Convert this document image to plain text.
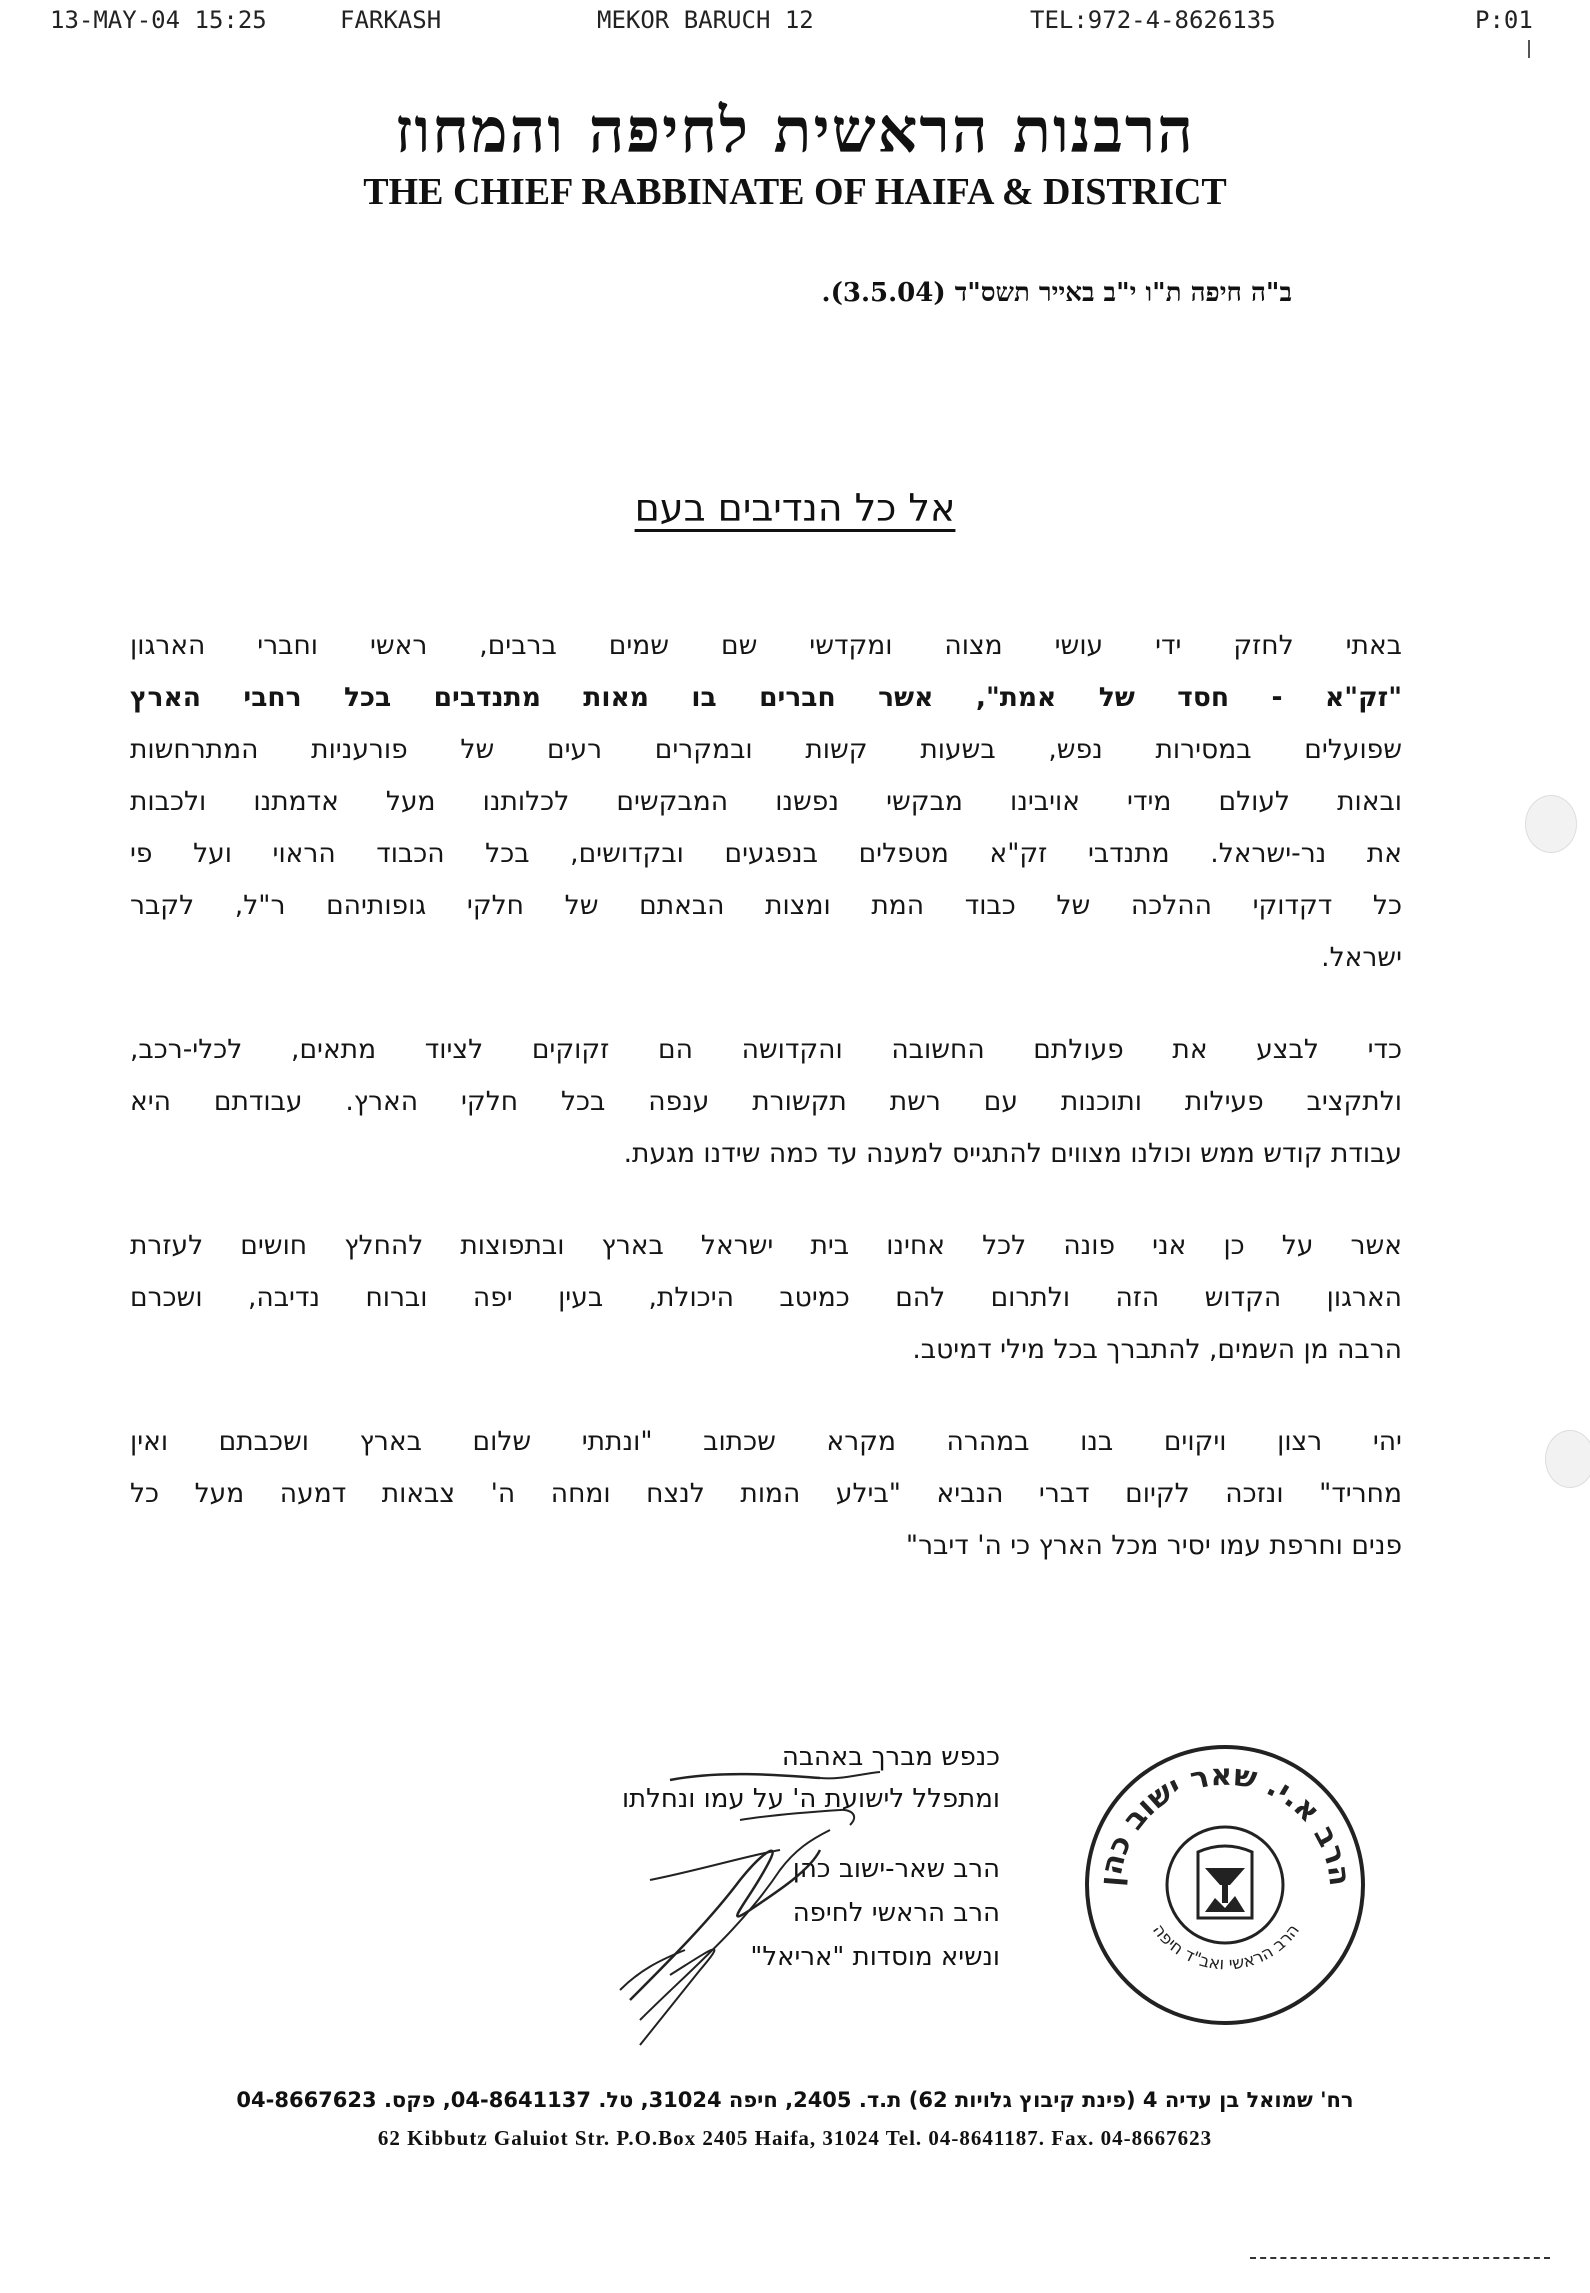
13-MAY-04 15:25	FARKASH	MEKOR BARUCH 12	TEL:972-4-8626135	P:01
הרבנות הראשית לחיפה והמחוז
THE CHIEF RABBINATE OF HAIFA & DISTRICT
ב"ה חיפה ת"ו י"ב באייר תשס"ד (3.5.04).
אל כל הנדיבים בעם
באתי לחזק ידי עושי מצוה ומקדשי שם שמים ברבים, ראשי וחברי הארגון
"זק"א - חסד של אמת", אשר חברים בו מאות מתנדבים בכל רחבי הארץ
שפועלים במסירות נפש, בשעות קשות ובמקרים רעים של פורעניות המתרחשות
ובאות לעולם מידי אויבינו מבקשי נפשנו המבקשים לכלותנו מעל אדמתנו ולכבות
את נר-ישראל. מתנדבי זק"א מטפלים בנפגעים ובקדושים, בכל הכבוד הראוי ועל פי
כל דקדוקי ההלכה של כבוד המת ומצות הבאתם של חלקי גופותיהם ר"ל, לקבר
ישראל.
כדי לבצע את פעולתם החשובה והקדושה הם זקוקים לציוד מתאים, לכלי-רכב,
ולתקציב פעילות ותוכנות עם רשת תקשורת ענפה בכל חלקי הארץ. עבודתם היא
עבודת קודש ממש וכולנו מצווים להתגייס למענה עד כמה שידנו מגעת.
אשר על כן אני פונה לכל אחינו בית ישראל בארץ ובתפוצות להחלץ חושים לעזרת
הארגון הקדוש הזה ולתרום להם כמיטב היכולת, בעין יפה וברוח נדיבה, ושכרם
הרבה מן השמים, להתברך בכל מילי דמיטב.
יהי רצון ויקוים בנו במהרה מקרא שכתוב "ונתתי שלום בארץ ושכבתם ואין
מחריד" ונזכה לקיום דברי הנביא "בילע המות לנצח ומחה ה' צבאות דמעה מעל כל
פנים וחרפת עמו יסיר מכל הארץ כי ה' דיבר"
כנפש מברך באהבה
ומתפלל לישועת ה' על עמו ונחלתו
הרב שאר-ישוב כהן
הרב הראשי לחיפה
ונשיא מוסדות "אריאל"
הרב א.י. שאר ישוב כהן
הרב הראשי ואב"ד חיפה
רח' שמואל בן עדיה 4 (פינת קיבוץ גלויות 62) ת.ד. 2405, חיפה 31024, טל. 04-8641137, פקס. 04-8667623
62 Kibbutz Galuiot Str. P.O.Box 2405 Haifa, 31024 Tel. 04-8641187. Fax. 04-8667623
